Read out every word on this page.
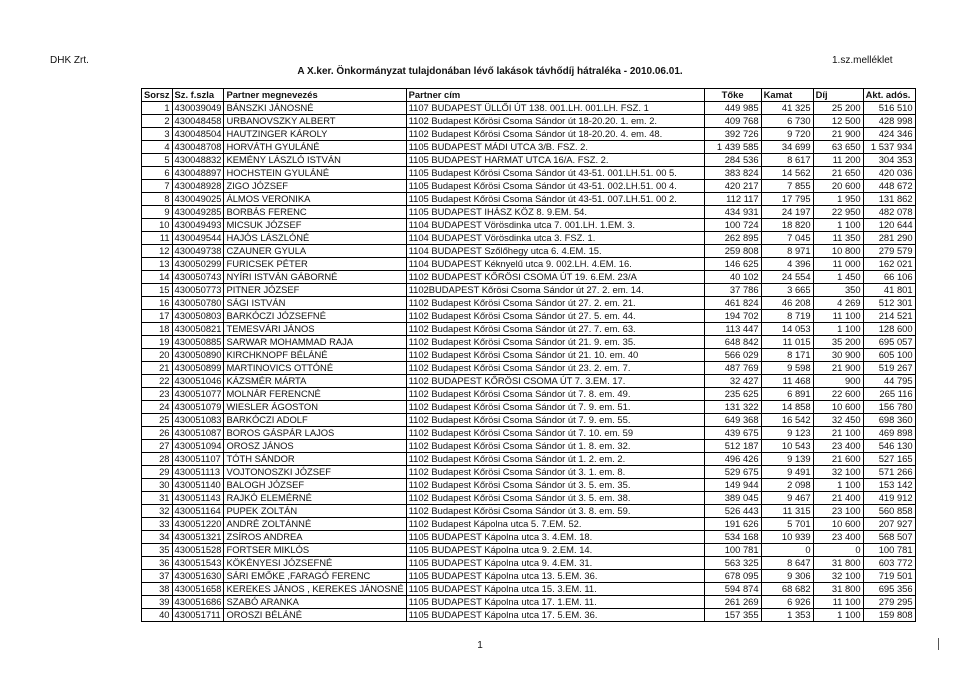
DHK Zrt.	1.sz.melléklet
A X.ker. Önkormányzat tulajdonában lévő lakások távhődíj hátraléka - 2010.06.01.
Sorsz	Sz. f.szla	Partner megnevezés	Partner cím	Tőke	Kamat	Díj	Akt. adós.
1	430039049	BÁNSZKI JÁNOSNÉ	1107 BUDAPEST ÜLLŐI ÚT 138. 001.LH. 001.LH. FSZ. 1	449 985	41 325	25 200	516 510
2	430048458	URBANOVSZKY ALBERT	1102 Budapest Kőrösi Csoma Sándor út 18-20.20. 1. em. 2.	409 768	6 730	12 500	428 998
3	430048504	HAUTZINGER KÁROLY	1102 Budapest Kőrösi Csoma Sándor út 18-20.20. 4. em. 48.	392 726	9 720	21 900	424 346
4	430048708	HORVÁTH GYULÁNÉ	1105 BUDAPEST MÁDI UTCA 3/B. FSZ. 2.	1 439 585	34 699	63 650	1 537 934
5	430048832	KEMÉNY LÁSZLÓ ISTVÁN	1105 BUDAPEST HARMAT UTCA 16/A. FSZ. 2.	284 536	8 617	11 200	304 353
6	430048897	HOCHSTEIN GYULÁNÉ	1105 Budapest Kőrösi Csoma Sándor út 43-51. 001.LH.51. 00 5.	383 824	14 562	21 650	420 036
7	430048928	ZIGO JÓZSEF	1105 Budapest Kőrösi Csoma Sándor út 43-51. 002.LH.51. 00 4.	420 217	7 855	20 600	448 672
8	430049025	ÁLMOS VERONIKA	1105 Budapest Kőrösi Csoma Sándor út 43-51. 007.LH.51. 00 2.	112 117	17 795	1 950	131 862
9	430049285	BORBÁS FERENC	1105 BUDAPEST IHÁSZ KÖZ 8. 9.EM. 54.	434 931	24 197	22 950	482 078
10	430049493	MICSUK JÓZSEF	1104 BUDAPEST Vörösdinka utca 7. 001.LH. 1.EM. 3.	100 724	18 820	1 100	120 644
11	430049544	HAJÓS LÁSZLÓNÉ	1104 BUDAPEST Vörösdinka utca 3. FSZ. 1.	262 895	7 045	11 350	281 290
12	430049738	CZAUNER GYULA	1104 BUDAPEST Szőlőhegy utca 6. 4.EM. 15.	259 808	8 971	10 800	279 579
13	430050299	FURICSEK PÉTER	1104 BUDAPEST Kéknyelű utca 9. 002.LH. 4.EM. 16.	146 625	4 396	11 000	162 021
14	430050743	NYÍRI ISTVÁN GÁBORNÉ	1102 BUDAPEST KŐRÖSI CSOMA ÚT 19. 6.EM. 23/A	40 102	24 554	1 450	66 106
15	430050773	PITNER JÓZSEF	1102BUDAPEST Kőrösi Csoma Sándor út 27. 2. em. 14.	37 786	3 665	350	41 801
16	430050780	SÁGI ISTVÁN	1102 Budapest Kőrösi Csoma Sándor út 27. 2. em. 21.	461 824	46 208	4 269	512 301
17	430050803	BARKÓCZI JÓZSEFNÉ	1102 Budapest Kőrösi Csoma Sándor út 27. 5. em. 44.	194 702	8 719	11 100	214 521
18	430050821	TEMESVÁRI JÁNOS	1102 Budapest Kőrösi Csoma Sándor út 27. 7. em. 63.	113 447	14 053	1 100	128 600
19	430050885	SARWAR MOHAMMAD RAJA	1102 Budapest Kőrösi Csoma Sándor út 21. 9. em. 35.	648 842	11 015	35 200	695 057
20	430050890	KIRCHKNOPF BÉLÁNÉ	1102 Budapest Kőrösi Csoma Sándor út 21. 10. em. 40	566 029	8 171	30 900	605 100
21	430050899	MARTINOVICS OTTÓNÉ	1102 Budapest Kőrösi Csoma Sándor út 23. 2. em. 7.	487 769	9 598	21 900	519 267
22	430051046	KÁZSMÉR MÁRTA	1102 BUDAPEST KŐRÖSI CSOMA ÚT 7. 3.EM. 17.	32 427	11 468	900	44 795
23	430051077	MOLNÁR FERENCNÉ	1102 Budapest Kőrösi Csoma Sándor út 7. 8. em. 49.	235 625	6 891	22 600	265 116
24	430051079	WIESLER ÁGOSTON	1102 Budapest Kőrösi Csoma Sándor út 7. 9. em. 51.	131 322	14 858	10 600	156 780
25	430051083	BARKÓCZI ADOLF	1102 Budapest Kőrösi Csoma Sándor út 7. 9. em. 55.	649 368	16 542	32 450	698 360
26	430051087	BOROS GÁSPÁR LAJOS	1102 Budapest Kőrösi Csoma Sándor út 7. 10. em. 59	439 675	9 123	21 100	469 898
27	430051094	OROSZ JÁNOS	1102 Budapest Kőrösi Csoma Sándor út 1. 8. em. 32.	512 187	10 543	23 400	546 130
28	430051107	TÓTH SÁNDOR	1102 Budapest Kőrösi Csoma Sándor út 1. 2. em. 2.	496 426	9 139	21 600	527 165
29	430051113	VOJTONOSZKI JÓZSEF	1102 Budapest Kőrösi Csoma Sándor út 3. 1. em. 8.	529 675	9 491	32 100	571 266
30	430051140	BALOGH JÓZSEF	1102 Budapest Kőrösi Csoma Sándor út 3. 5. em. 35.	149 944	2 098	1 100	153 142
31	430051143	RAJKÓ ELEMÉRNÉ	1102 Budapest Kőrösi Csoma Sándor út 3. 5. em. 38.	389 045	9 467	21 400	419 912
32	430051164	PUPEK ZOLTÁN	1102 Budapest Kőrösi Csoma Sándor út 3. 8. em. 59.	526 443	11 315	23 100	560 858
33	430051220	ANDRÉ ZOLTÁNNÉ	1102 Budapest Kápolna utca 5. 7.EM. 52.	191 626	5 701	10 600	207 927
34	430051321	ZSÍROS ANDREA	1105 BUDAPEST Kápolna utca 3. 4.EM. 18.	534 168	10 939	23 400	568 507
35	430051528	FORTSER MIKLÓS	1105 BUDAPEST Kápolna utca 9. 2.EM. 14.	100 781	0	0	100 781
36	430051543	KÖKÉNYESI JÓZSEFNÉ	1105 BUDAPEST Kápolna utca 9. 4.EM. 31.	563 325	8 647	31 800	603 772
37	430051630	SÁRI EMŐKE ,FARAGÓ FERENC	1105 BUDAPEST Kápolna utca 13. 5.EM. 36.	678 095	9 306	32 100	719 501
38	430051658	KEREKES JÁNOS , KEREKES JÁNOSNÉ	1105 BUDAPEST Kápolna utca 15. 3.EM. 11.	594 874	68 682	31 800	695 356
39	430051686	SZABÓ ARANKA	1105 BUDAPEST Kápolna utca 17. 1.EM. 11.	261 269	6 926	11 100	279 295
40	430051711	OROSZI BÉLÁNÉ	1105 BUDAPEST Kápolna utca 17. 5.EM. 36.	157 355	1 353	1 100	159 808
1
